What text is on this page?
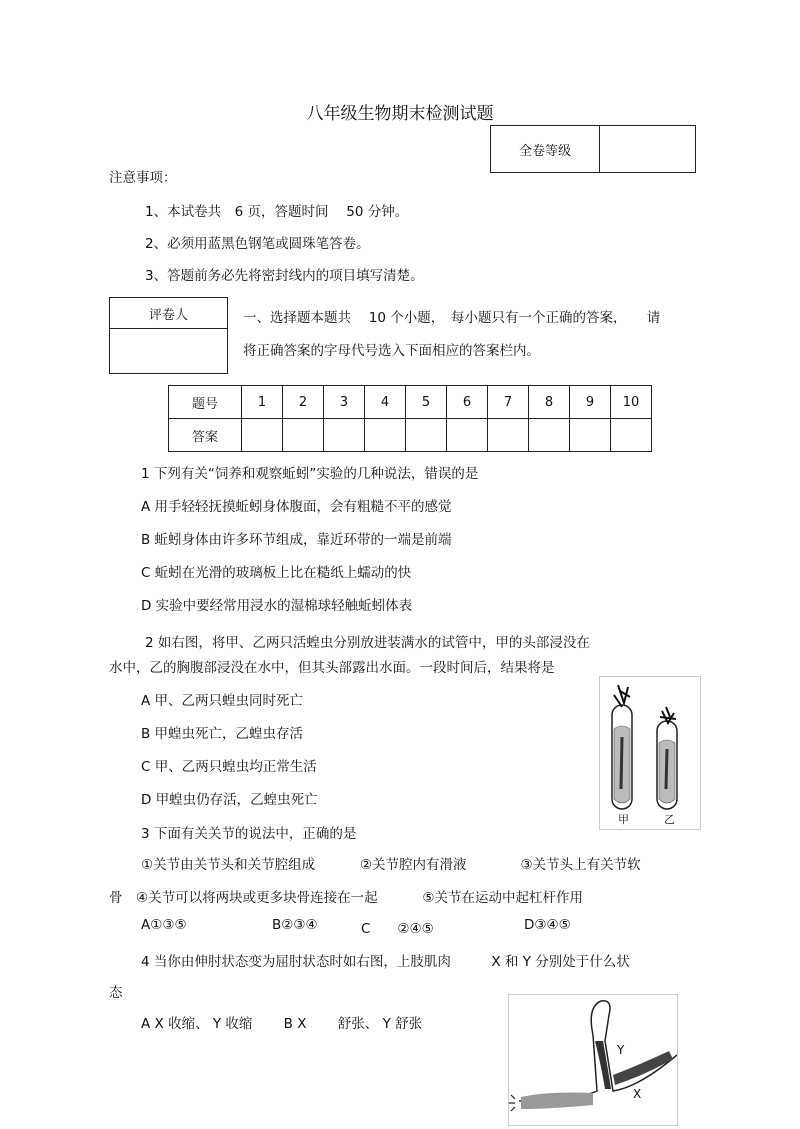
八年级生物期末检测试题
全卷等级	
注意事项：
1、本试卷共　6 页，答题时间　 50 分钟。
2、必须用蓝黑色钢笔或圆珠笔答卷。
3、答题前务必先将密封线内的项目填写清楚。
评卷人	一、选择题本题共　 10 个小题，　每小题只有一个正确的答案，　　请
将正确答案的字母代号选入下面相应的答案栏内。
题号	1	2	3	4	5	6	7	8	9	10
答案										
1 下列有关“饲养和观察蚯蚓”实验的几种说法，错误的是
A 用手轻轻抚摸蚯蚓身体腹面，会有粗糙不平的感觉
B 蚯蚓身体由许多环节组成，靠近环带的一端是前端
C 蚯蚓在光滑的玻璃板上比在糙纸上蠕动的快
D 实验中要经常用浸水的湿棉球轻触蚯蚓体表
2 如右图，将甲、乙两只活蝗虫分别放进装满水的试管中，甲的头部浸没在
水中，乙的胸腹部浸没在水中，但其头部露出水面。一段时间后，结果将是
A 甲、乙两只蝗虫同时死亡
B 甲蝗虫死亡，乙蝗虫存活
C 甲、乙两只蝗虫均正常生活
D 甲蝗虫仍存活，乙蝗虫死亡
甲	乙
3 下面有关关节的说法中，正确的是
①关节由关节头和关节腔组成　　　 ②关节腔内有滑液　　　　③关节头上有关节软
骨　④关节可以将两块或更多块骨连接在一起　　　 ⑤关节在运动中起杠杆作用
A①③⑤	B②③④	C　　②④⑤	D③④⑤
4 当你由伸肘状态变为屈肘状态时如右图，上肢肌肉　　　X 和 Y 分别处于什么状
态
A X 收缩、 Y 收缩　　 B X　　 舒张、 Y 舒张
Y
X
